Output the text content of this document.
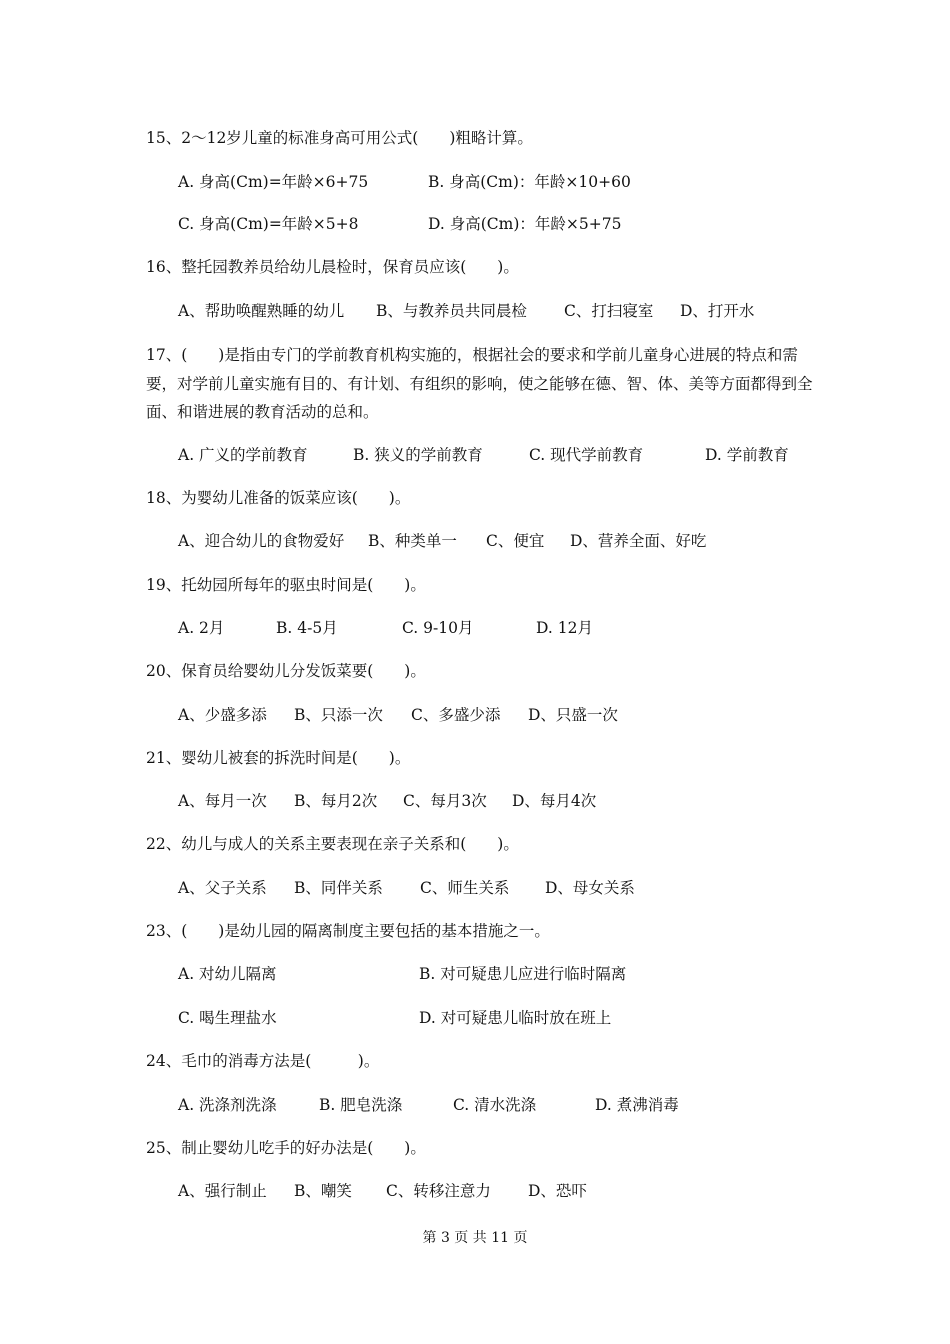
15、2～12岁儿童的标准身高可用公式(　　)粗略计算。
A. 身高(Cm)=年龄×6+75	B. 身高(Cm)：年龄×10+60
C. 身高(Cm)=年龄×5+8	D. 身高(Cm)：年龄×5+75
16、整托园教养员给幼儿晨检时，保育员应该(　　)。
A、帮助唤醒熟睡的幼儿 B、与教养员共同晨检 C、打扫寝室 D、打开水
17、(　　)是指由专门的学前教育机构实施的，根据社会的要求和学前儿童身心进展的特点和需要，对学前儿童实施有目的、有计划、有组织的影响，使之能够在德、智、体、美等方面都得到全面、和谐进展的教育活动的总和。
A. 广义的学前教育	B. 狭义的学前教育	C. 现代学前教育	D. 学前教育
18、为婴幼儿准备的饭菜应该(　　)。
A、迎合幼儿的食物爱好 B、种类单一 C、便宜 D、营养全面、好吃
19、托幼园所每年的驱虫时间是(　　)。
A. 2月	B. 4-5月	C. 9-10月	D. 12月
20、保育员给婴幼儿分发饭菜要(　　)。
A、少盛多添 B、只添一次 C、多盛少添 D、只盛一次
21、婴幼儿被套的拆洗时间是(　　)。
A、每月一次 B、每月2次 C、每月3次 D、每月4次
22、幼儿与成人的关系主要表现在亲子关系和(　　)。
A、父子关系 B、同伴关系 C、师生关系 D、母女关系
23、(　　)是幼儿园的隔离制度主要包括的基本措施之一。
A. 对幼儿隔离	B. 对可疑患儿应进行临时隔离
C. 喝生理盐水	D. 对可疑患儿临时放在班上
24、毛巾的消毒方法是(　　　)。
A. 洗涤剂洗涤	B. 肥皂洗涤	C. 清水洗涤	D. 煮沸消毒
25、制止婴幼儿吃手的好办法是(　　)。
A、强行制止 B、嘲笑 C、转移注意力 D、恐吓
第 3 页 共 11 页
